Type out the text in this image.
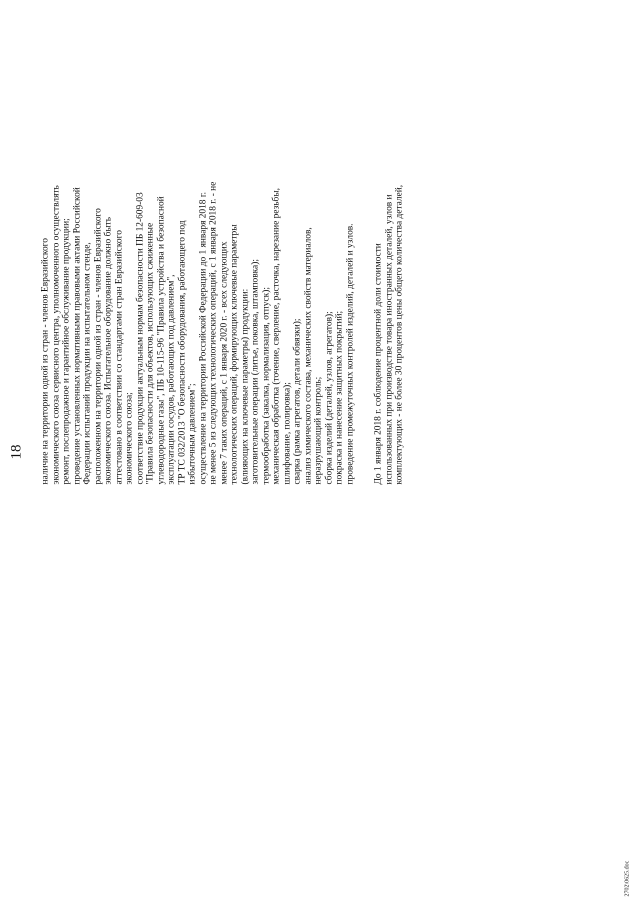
18 наличие на территории одной из стран - членов Евразийского экономического союза сервисного центра, уполномоченного осуществлять ремонт, послепродажное и гарантийное обслуживание продукции; проведение установленных нормативными правовыми актами Российской Федерации испытаний продукции на испытательном стенде, расположенном на территории одной из стран - членов Евразийского экономического союза. Испытательное оборудование должно быть аттестовано в соответствии со стандартами стран Евразийского экономического союза; соответствие продукции актуальным нормам безопасности ПБ 12-609-03 "Правила безопасности для объектов, использующих сжиженные углеводородные газы", ПБ 10-115-96 "Правила устройства и безопасной эксплуатации сосудов, работающих под давлением", ТР ТС 032/2013 "О безопасности оборудования, работающего под избыточным давлением"; осуществление на территории Российской Федерации до 1 января 2018 г. не менее 5 из следующих технологических операций, с 1 января 2018 г. - не менее 7 таких операций, с 1 января 2020 г. - всех следующих технологических операций, формирующих ключевые параметры (влияющих на ключевые параметры) продукции: заготовительные операции (литье, поковка, штамповка); термообработка (закалка, нормализация, отпуск); механическая обработка (точение, сверление, расточка, нарезание резьбы, шлифование, полировка); сварка (рамка агрегатов, детали обвязки); анализ химического состава, механических свойств материалов, неразрушающий контроль; сборка изделий (деталей, узлов, агрегатов); покраска и нанесение защитных покрытий; проведение промежуточных контролей изделий, деталей и узлов. До 1 января 2018 г. соблюдение процентной доли стоимости использованных при производстве товара иностранных деталей, узлов и комплектующих - не более 30 процентов цены общего количества деталей,
2702\0625.doc
